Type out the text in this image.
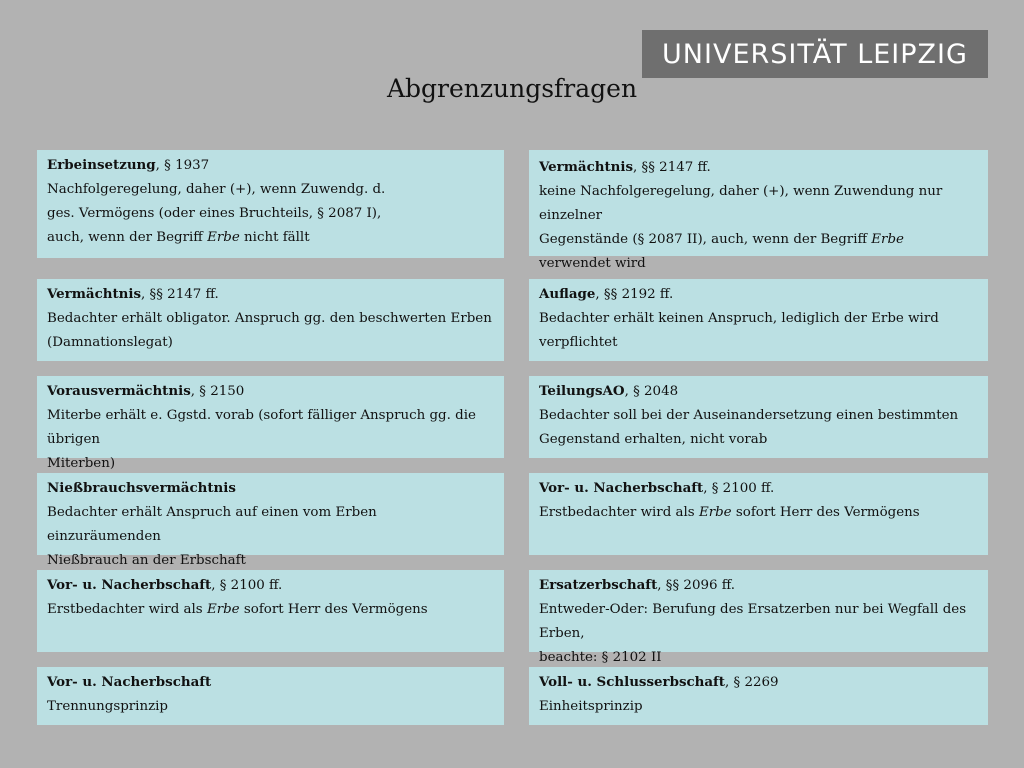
UNIVERSITÄT LEIPZIG
Abgrenzungsfragen
Erbeinsetzung, § 1937
Nachfolgeregelung, daher (+), wenn Zuwendg. d.
ges. Vermögens (oder eines Bruchteils, § 2087 I),
auch, wenn der Begriff Erbe nicht fällt
Vermächtnis, §§ 2147 ff.
keine Nachfolgeregelung, daher (+), wenn Zuwendung nur einzelner
Gegenstände (§ 2087 II), auch, wenn der Begriff Erbe verwendet wird
Vermächtnis, §§ 2147 ff.
Bedachter erhält obligator. Anspruch gg. den beschwerten Erben
(Damnationslegat)
Auflage, §§ 2192 ff.
Bedachter erhält keinen Anspruch, lediglich der Erbe wird verpflichtet
Vorausvermächtnis, § 2150
Miterbe erhält e. Ggstd. vorab (sofort fälliger Anspruch gg. die übrigen
Miterben)
TeilungsAO, § 2048
Bedachter soll bei der Auseinandersetzung einen bestimmten
Gegenstand erhalten, nicht vorab
Nießbrauchsvermächtnis
Bedachter erhält Anspruch auf einen vom Erben einzuräumenden
Nießbrauch an der Erbschaft
Vor- u. Nacherbschaft, § 2100 ff.
Erstbedachter wird als Erbe sofort Herr des Vermögens
Vor- u. Nacherbschaft, § 2100 ff.
Erstbedachter wird als Erbe sofort Herr des Vermögens
Ersatzerbschaft, §§ 2096 ff.
Entweder-Oder: Berufung des Ersatzerben nur bei Wegfall des Erben,
beachte: § 2102 II
Vor- u. Nacherbschaft
Trennungsprinzip
Voll- u. Schlusserbschaft, § 2269
Einheitsprinzip
